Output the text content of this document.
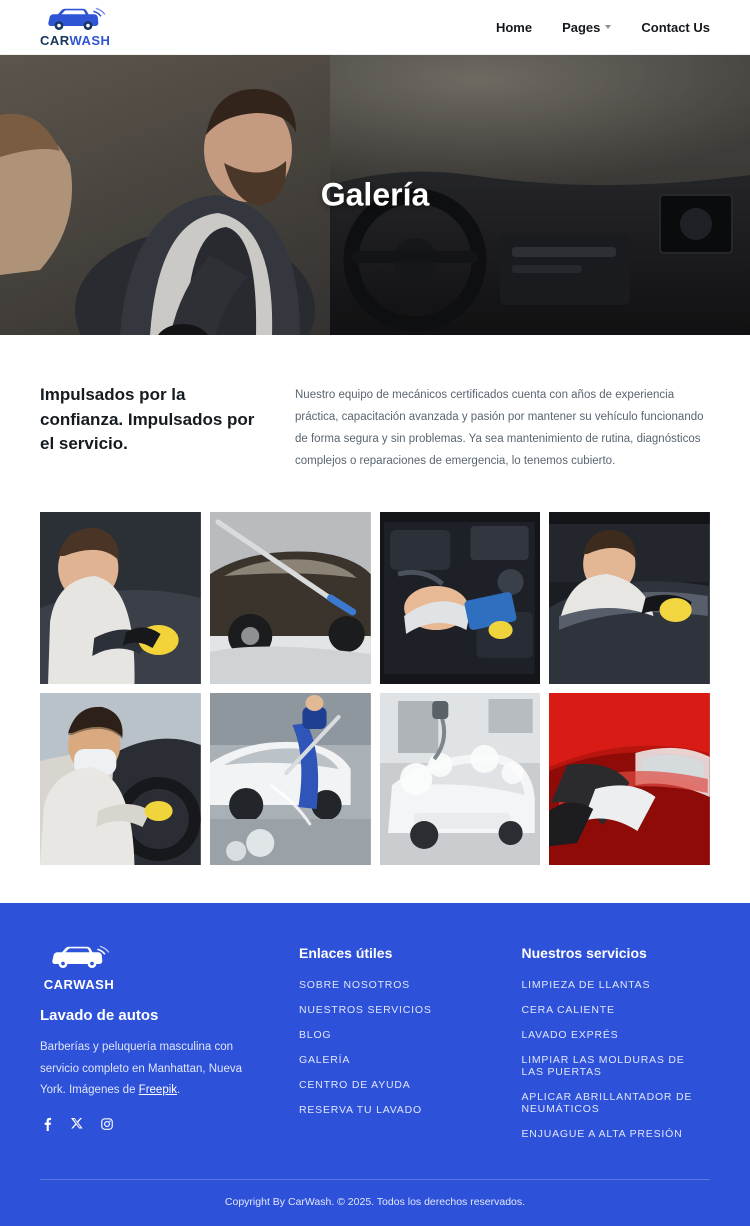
CARWASH
Home Pages	Contact Us
Galería
Impulsados por la confianza. Impulsados por el servicio.
Nuestro equipo de mecánicos certificados cuenta con años de experiencia práctica, capacitación avanzada y pasión por mantener su vehículo funcionando de forma segura y sin problemas. Ya sea mantenimiento de rutina, diagnósticos complejos o reparaciones de emergencia, lo tenemos cubierto.
CARWASH
Lavado de autos
Barberías y peluquería masculina con servicio completo en Manhattan, Nueva York. Imágenes de Freepik.
Enlaces útiles
SOBRE NOSOTROS
NUESTROS SERVICIOS
BLOG
GALERÍA
CENTRO DE AYUDA
RESERVA TU LAVADO
Nuestros servicios
LIMPIEZA DE LLANTAS
CERA CALIENTE
LAVADO EXPRÉS
LIMPIAR LAS MOLDURAS DE LAS PUERTAS
APLICAR ABRILLANTADOR DE NEUMÁTICOS
ENJUAGUE A ALTA PRESIÓN
Copyright By CarWash. © 2025. Todos los derechos reservados.
